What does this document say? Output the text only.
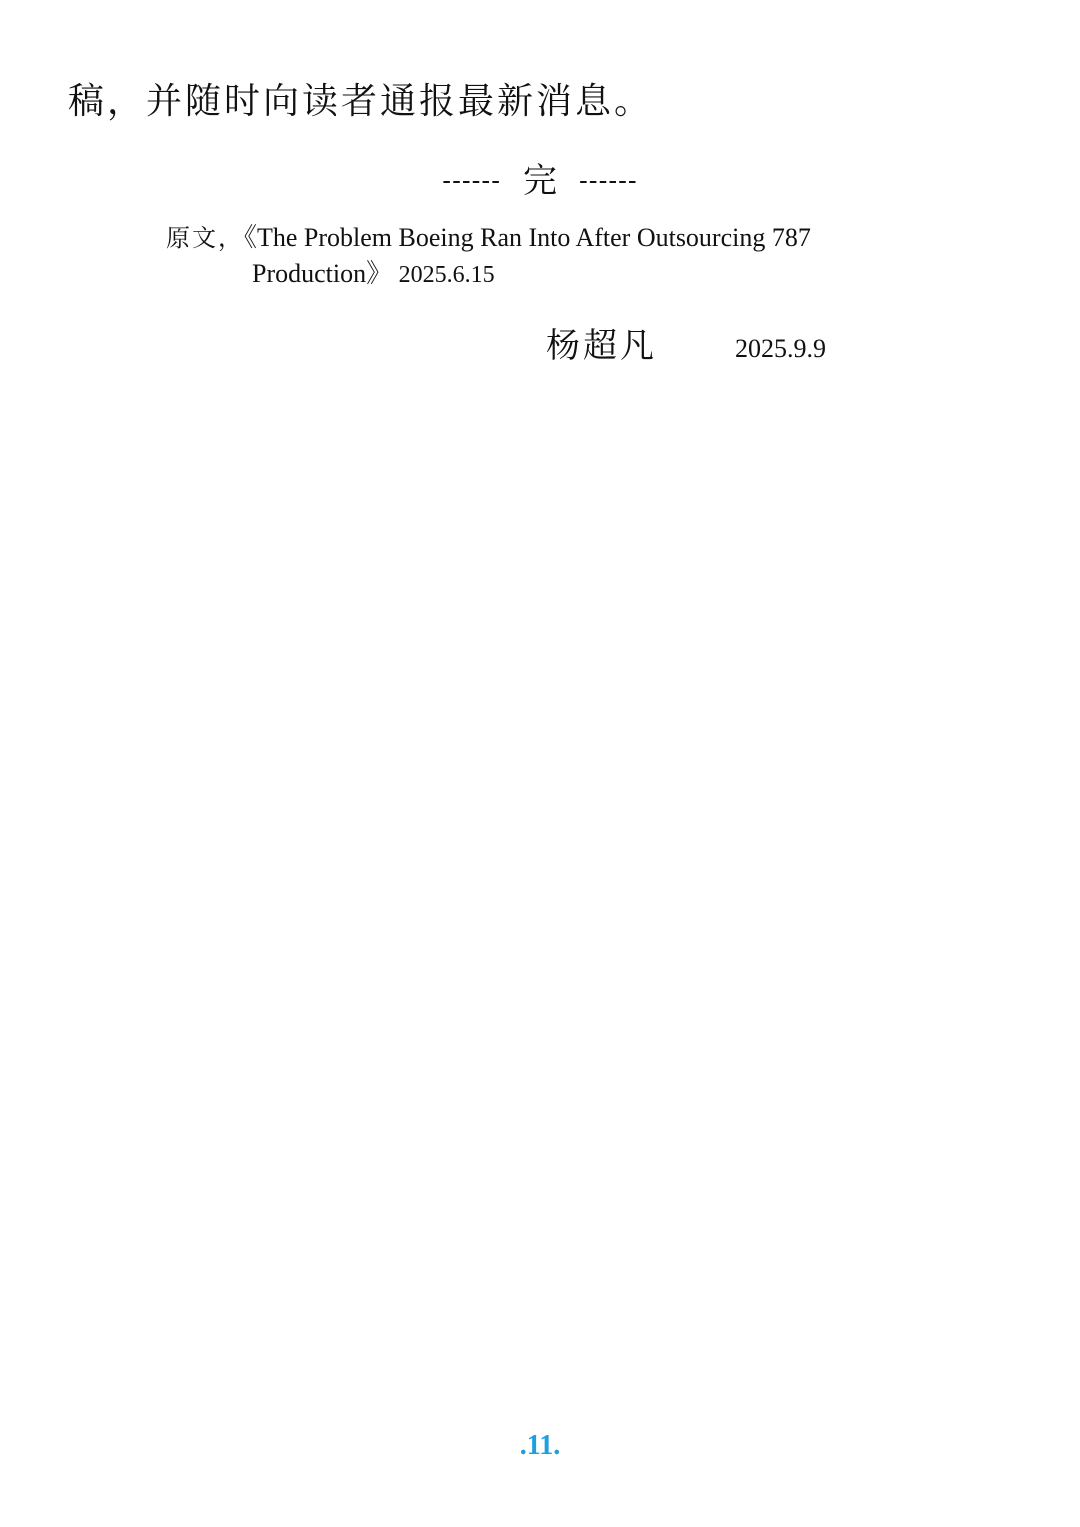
稿，并随时向读者通报最新消息。
------ 完 ------
原文，《The Problem Boeing Ran Into After Outsourcing 787
Production》 2025.6.15
杨超凡	2025.9.9
.11.
